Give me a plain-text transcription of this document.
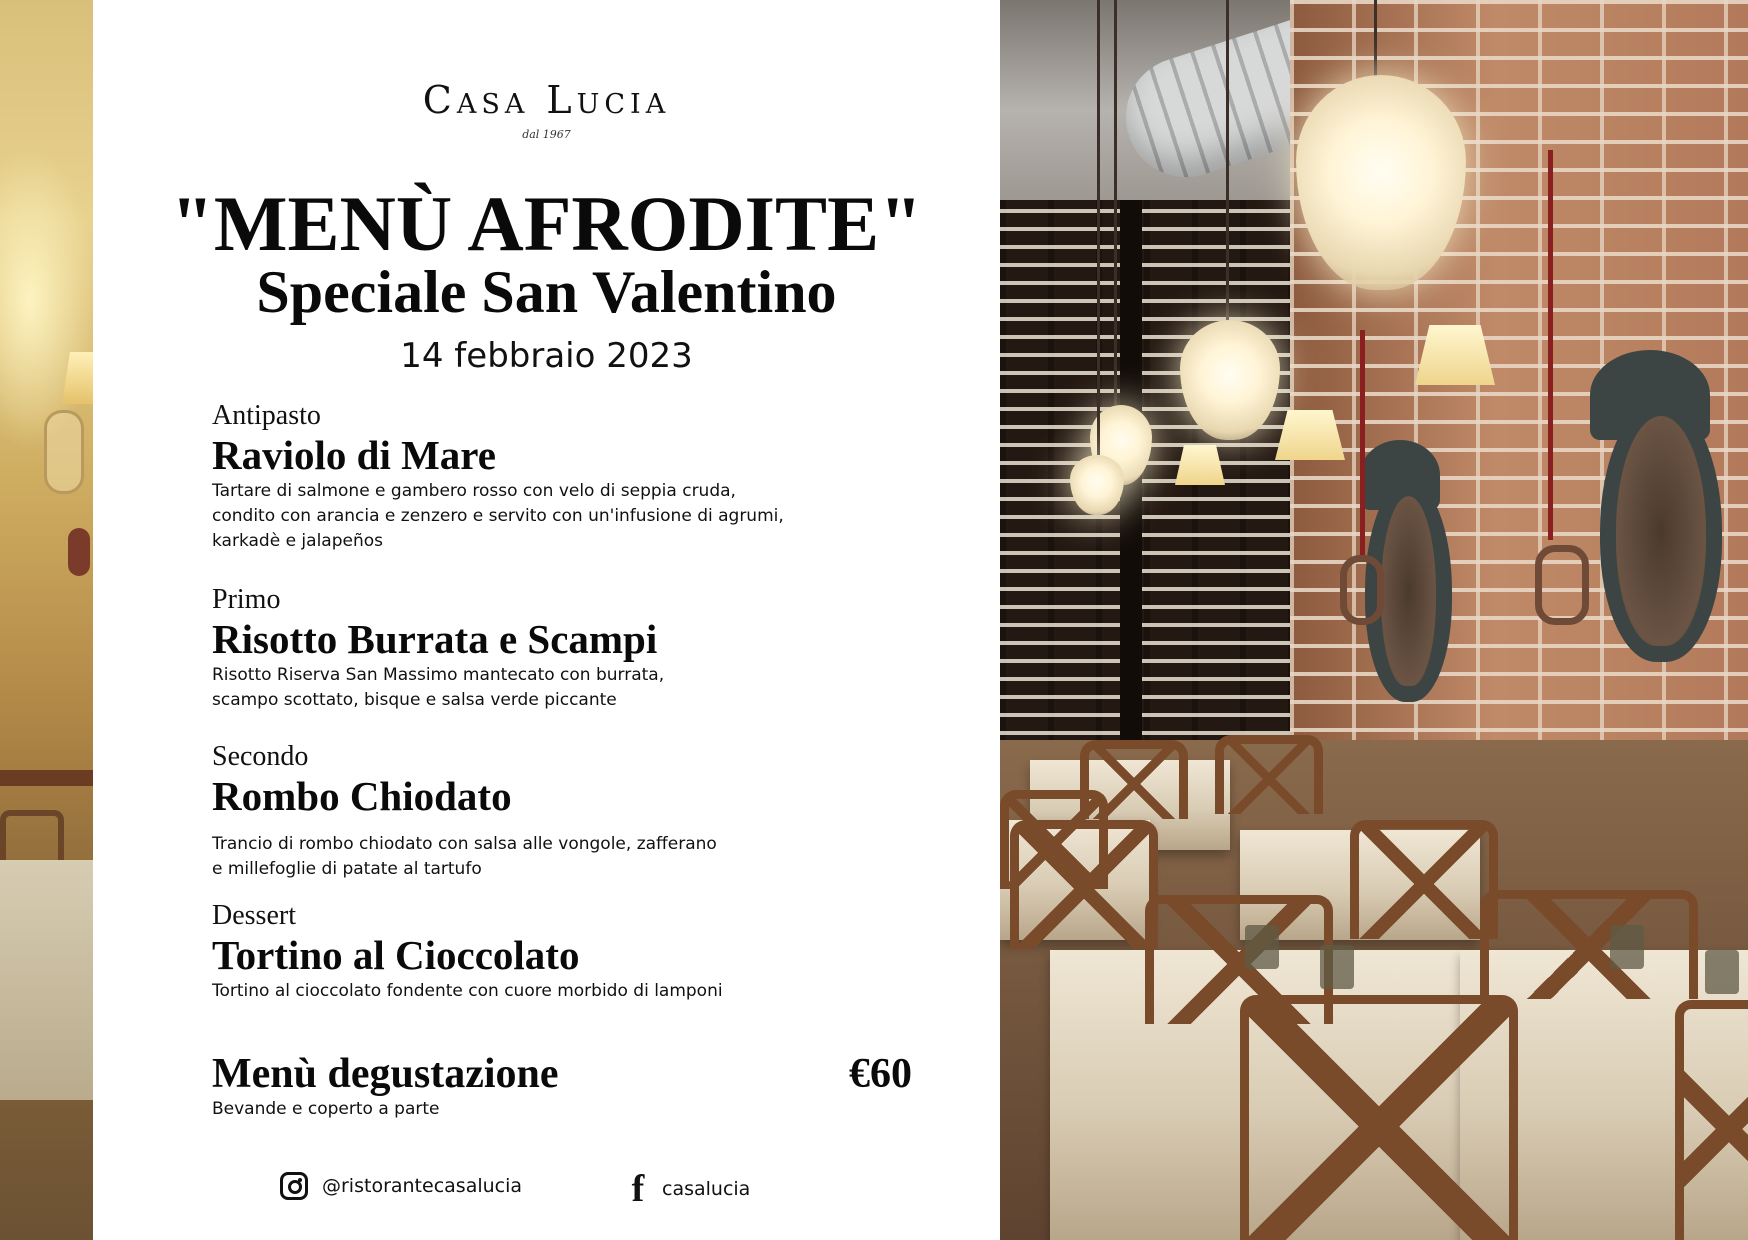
Casa Lucia
dal 1967
"MENÙ AFRODITE"
Speciale San Valentino
14 febbraio 2023
Antipasto
Raviolo di Mare
Tartare di salmone e gambero rosso con velo di seppia cruda,
condito con arancia e zenzero e servito con un'infusione di agrumi,
karkadè e jalapeños
Primo
Risotto Burrata e Scampi
Risotto Riserva San Massimo mantecato con burrata,
scampo scottato, bisque e salsa verde piccante
Secondo
Rombo Chiodato
Trancio di rombo chiodato con salsa alle vongole, zafferano
e millefoglie di patate al tartufo
Dessert
Tortino al Cioccolato
Tortino al cioccolato fondente con cuore morbido di lamponi
Menù degustazione	€60
Bevande e coperto a parte
@ristorantecasalucia	f casalucia
